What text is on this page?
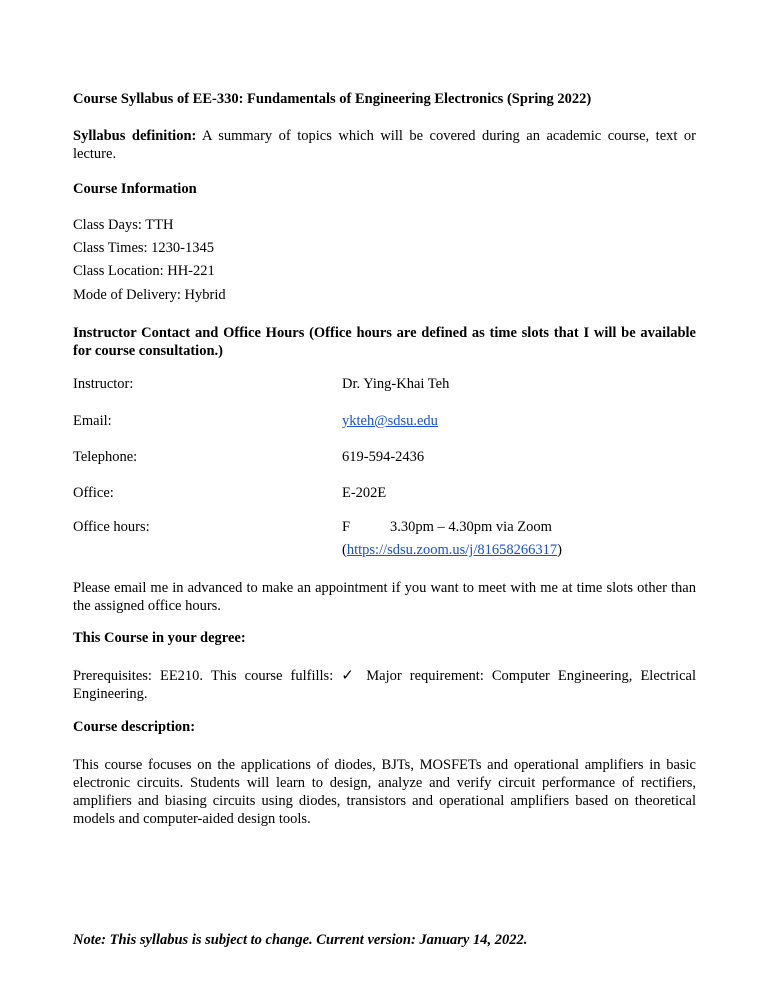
Course Syllabus of EE-330: Fundamentals of Engineering Electronics (Spring 2022)
Syllabus definition: A summary of topics which will be covered during an academic course, text or lecture.
Course Information
Class Days: TTH
Class Times: 1230-1345
Class Location: HH-221
Mode of Delivery: Hybrid
Instructor Contact and Office Hours (Office hours are defined as time slots that I will be available for course consultation.)
Instructor:	Dr. Ying-Khai Teh
Email:	ykteh@sdsu.edu
Telephone:	619-594-2436
Office:	E-202E
Office hours:	F	3.30pm – 4.30pm via Zoom
(https://sdsu.zoom.us/j/81658266317)
Please email me in advanced to make an appointment if you want to meet with me at time slots other than the assigned office hours.
This Course in your degree:
Prerequisites: EE210. This course fulfills: ✓ Major requirement: Computer Engineering, Electrical Engineering.
Course description:
This course focuses on the applications of diodes, BJTs, MOSFETs and operational amplifiers in basic electronic circuits. Students will learn to design, analyze and verify circuit performance of rectifiers, amplifiers and biasing circuits using diodes, transistors and operational amplifiers based on theoretical models and computer-aided design tools.
Note: This syllabus is subject to change. Current version: January 14, 2022.
